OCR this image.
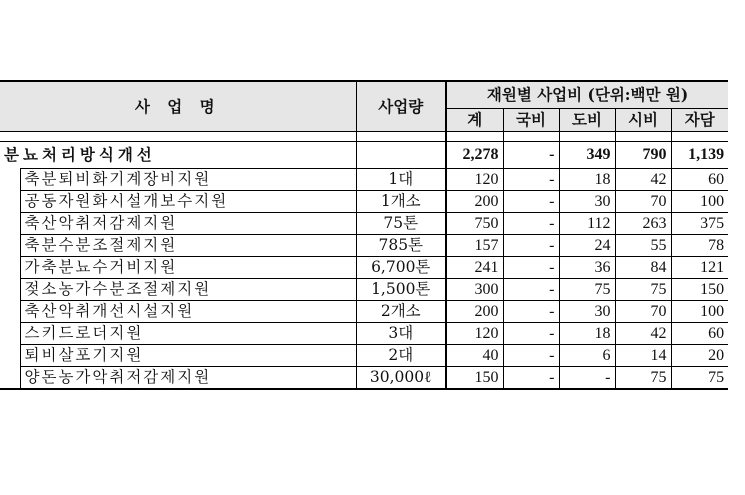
사 업 명		사업량	재원별 사업비 (단위:백만 원)				
			계	국비	도비	시비	자담

분뇨처리방식개선			2,278	-	349	790	1,139
	축분퇴비화기계장비지원	1대	120	-	18	42	60
	공동자원화시설개보수지원	1개소	200	-	30	70	100
	축산악취저감제지원	75톤	750	-	112	263	375
	축분수분조절제지원	785톤	157	-	24	55	78
	가축분뇨수거비지원	6,700톤	241	-	36	84	121
	젖소농가수분조절제지원	1,500톤	300	-	75	75	150
	축산악취개선시설지원	2개소	200	-	30	70	100
	스키드로더지원	3대	120	-	18	42	60
	퇴비살포기지원	2대	40	-	6	14	20
	양돈농가악취저감제지원	30,000ℓ	150	-	-	75	75
